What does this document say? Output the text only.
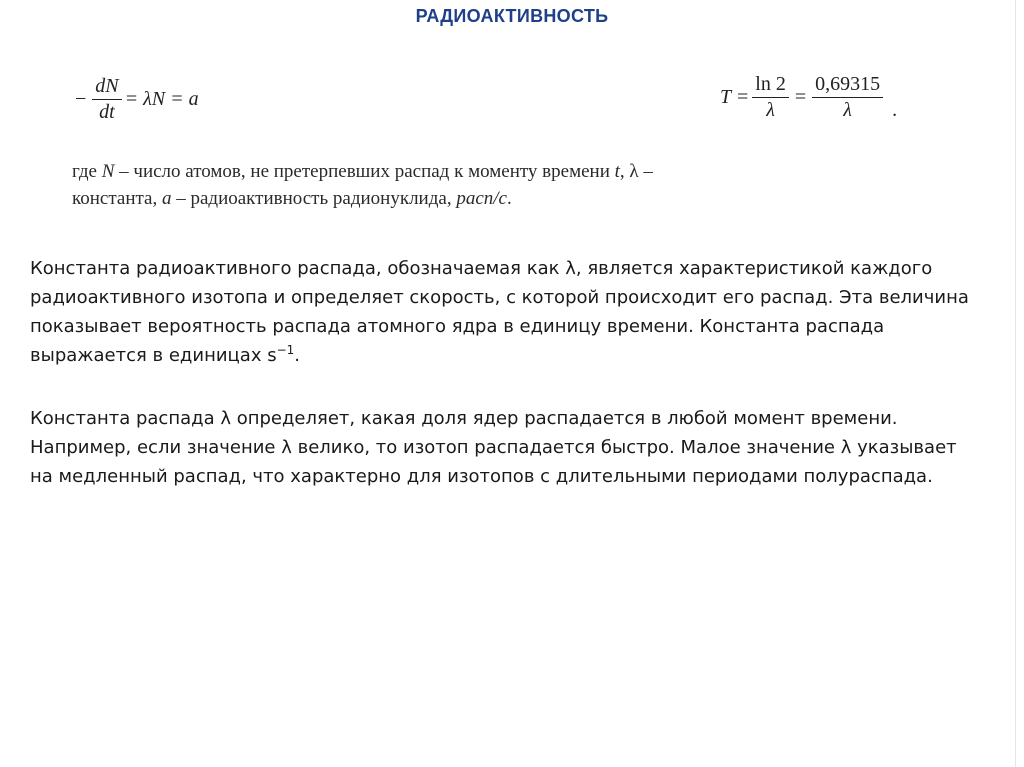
РАДИОАКТИВНОСТЬ
− $\frac{dN}{dt} = \lambda N = a$	$T = \frac{\ln 2}{\lambda} = \frac{0,69315}{\lambda}$ .
где N – число атомов, не претерпевших распад к моменту времени t, λ –
константа, a – радиоактивность радионуклида, расп/с.

Константа радиоактивного распада, обозначаемая как λ, является характеристикой каждого радиоактивного изотопа и определяет скорость, с которой происходит его распад. Эта величина показывает вероятность распада атомного ядра в единицу времени. Константа распада выражается в единицах $s^{-1}$.

Константа распада λ определяет, какая доля ядер распадается в любой момент времени. Например, если значение λ велико, то изотоп распадается быстро. Малое значение λ указывает на медленный распад, что характерно для изотопов с длительными периодами полураспада.
